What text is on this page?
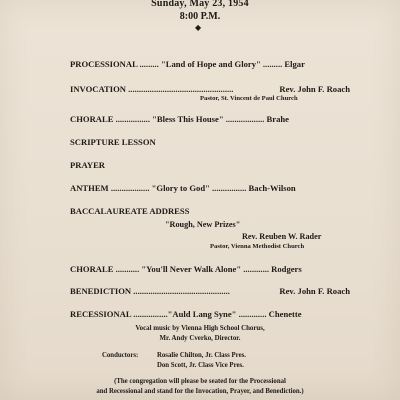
Sunday, May 23, 1954
8:00 P.M.
◆
PROCESSIONAL ......... "Land of Hope and Glory" ......... Elgar
INVOCATION .................................................	Rev. John F. Roach
Pastor, St. Vincent de Paul Church
CHORALE ................ "Bless This House" .................. Brahe
SCRIPTURE LESSON
PRAYER
ANTHEM .................. "Glory to God" ................ Bach-Wilson
BACCALAUREATE ADDRESS
"Rough, New Prizes"
Rev. Reuben W. Rader
Pastor, Vienna Methodist Church
CHORALE ........... "You'll Never Walk Alone" ............ Rodgers
BENEDICTION .............................................	Rev. John F. Roach
RECESSIONAL ................"Auld Lang Syne" ............. Chenette
Vocal music by Vienna High School Chorus,
Mr. Andy Cverko, Director.
Conductors:	Rosalie Chilton, Jr. Class Pres.
Don Scott, Jr. Class Vice Pres.
(The congregation will please be seated for the Processional
and Recessional and stand for the Invocation, Prayer, and Benediction.)
